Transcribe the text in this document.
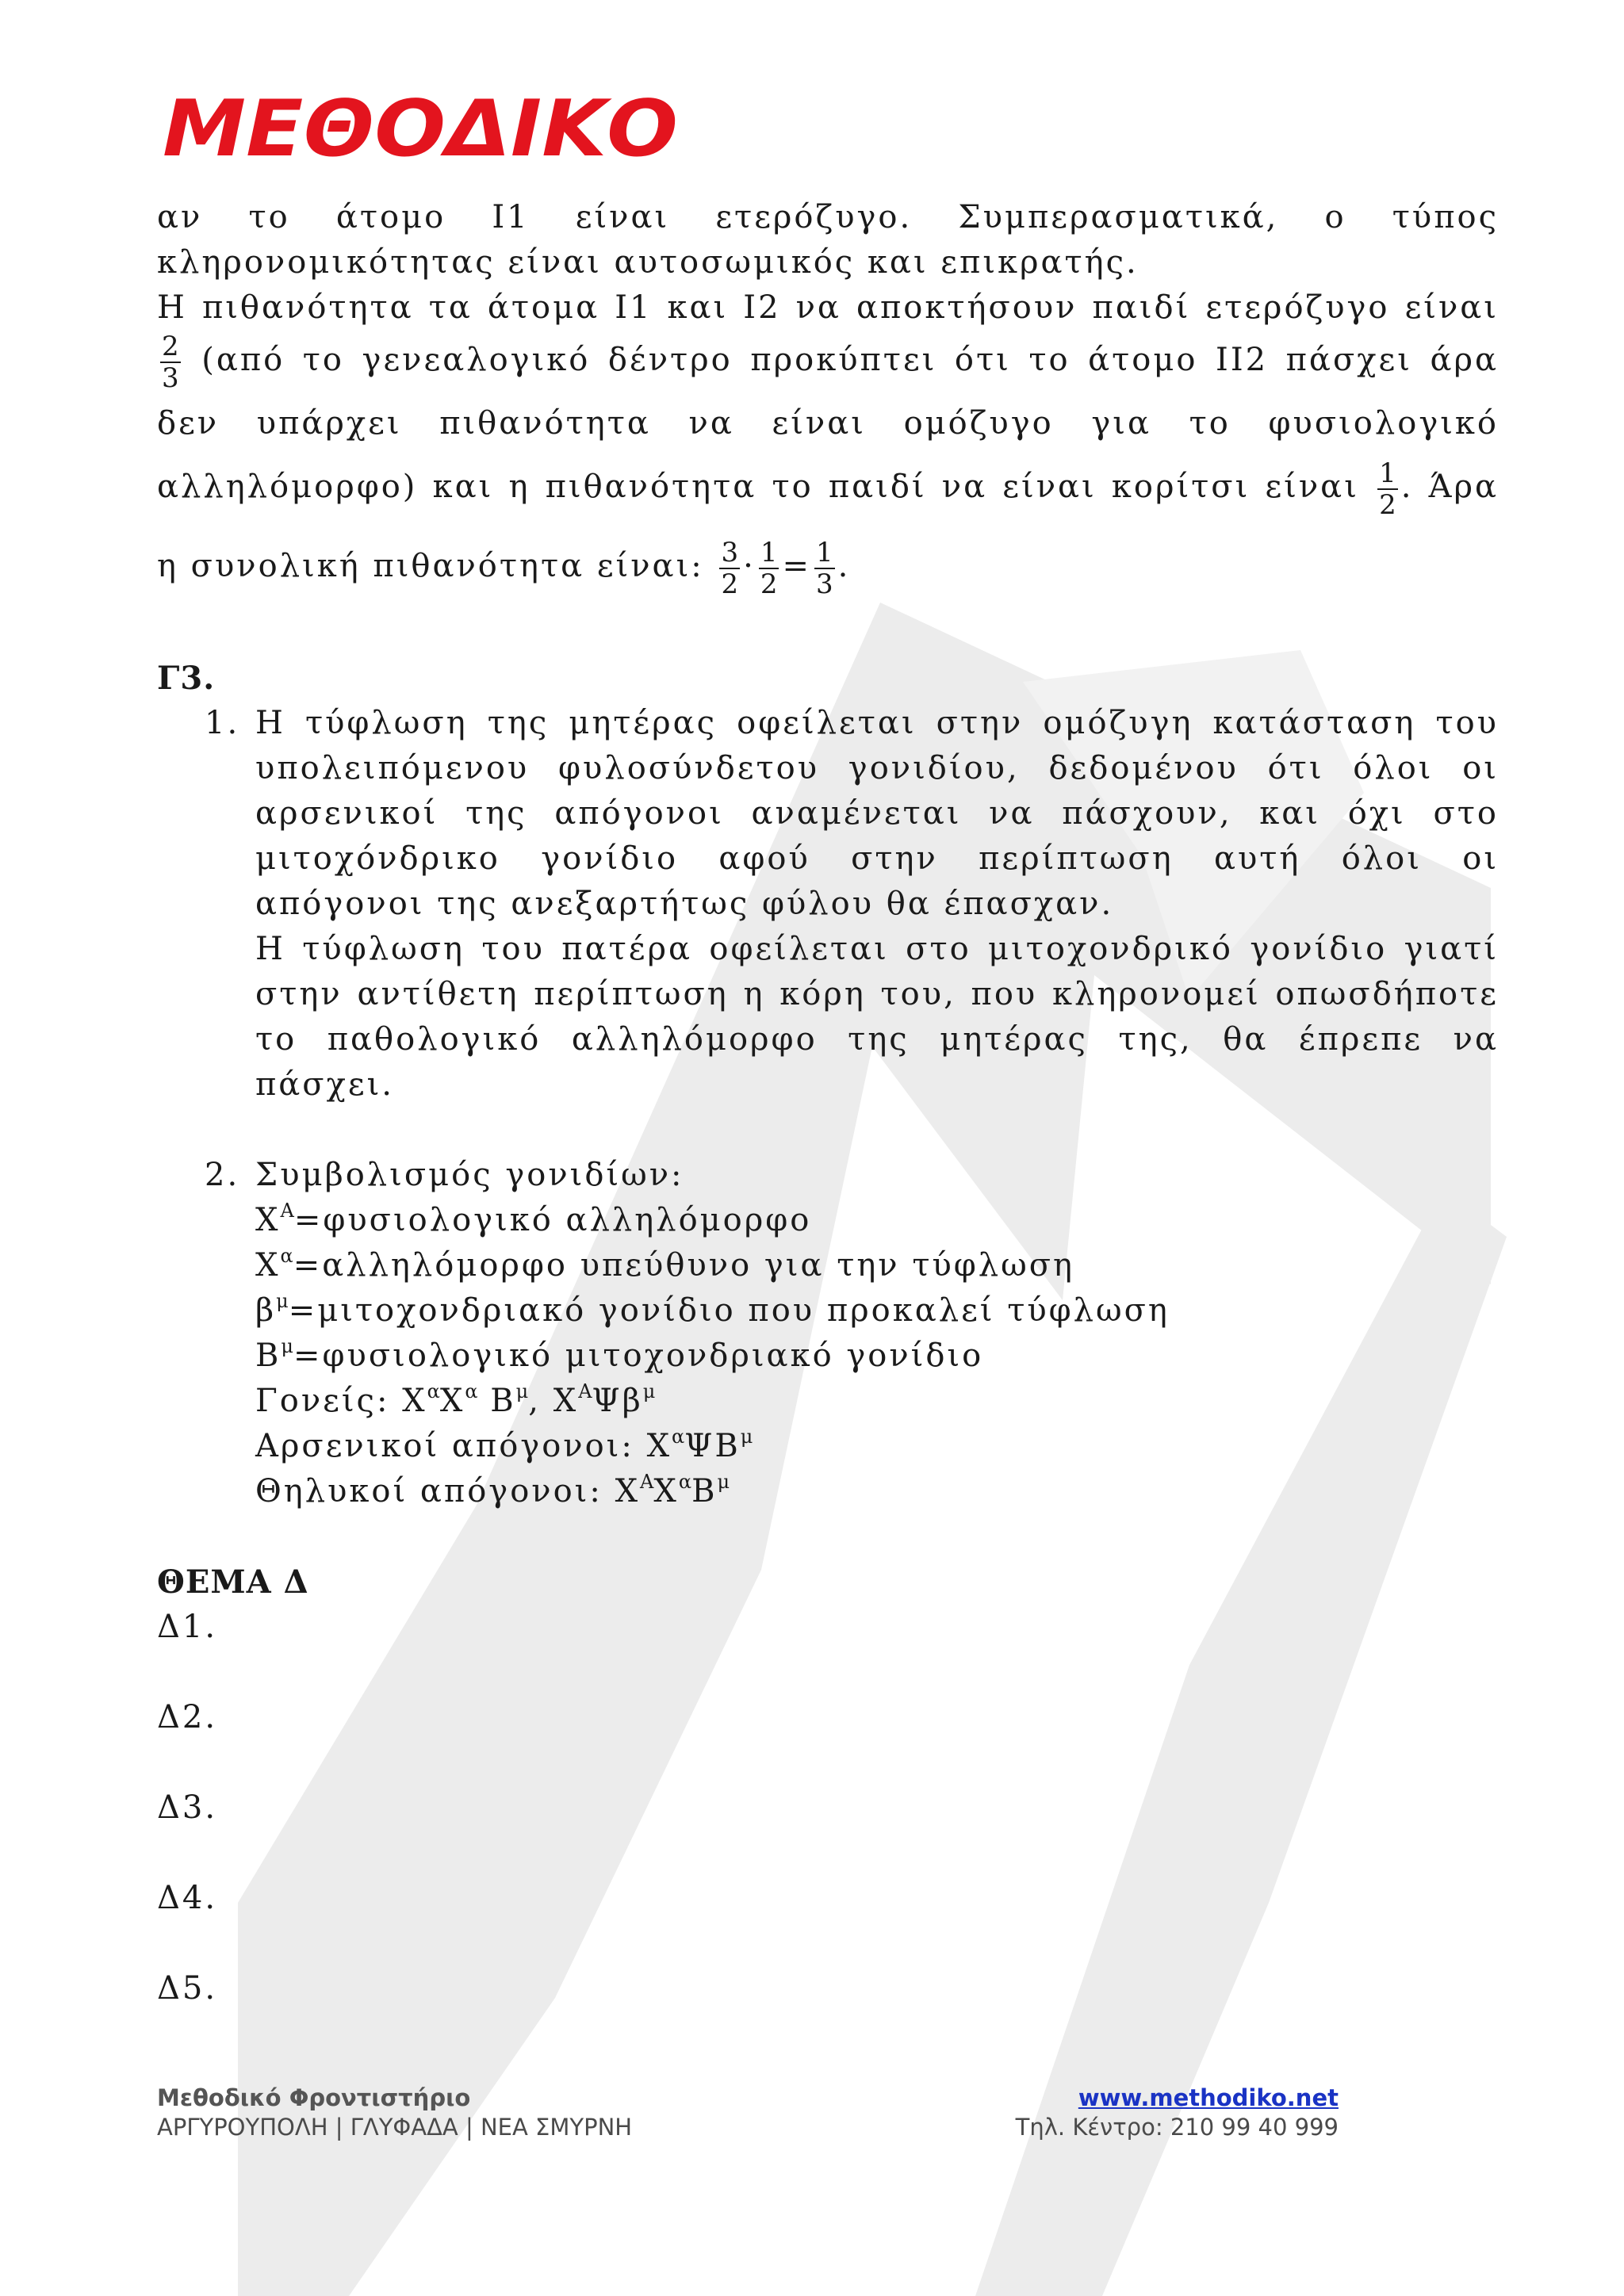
ΜΕΘΟΔΙΚΟ

αν το άτομο Ι1 είναι ετερόζυγο. Συμπερασματικά, ο τύπος

κληρονομικότητας είναι αυτοσωμικός και επικρατής.

Η πιθανότητα τα άτομα Ι1 και Ι2 να αποκτήσουν παιδί ετερόζυγο είναι

$\frac{2}{3} (\alpha\pi ό$ το γενεαλογικό δέντρο προκύπτει ότι το άτομο ΙΙ2 πάσχει άρα

δεν υπάρχει πιθανότητα να είναι ομόζυγο για το φυσιολογικό

αλληλόμορφο) και η πιθανότητα το παιδί να είναι κορίτσι είναι $\frac{1}{2}$ . Άρα

η συνολική πιθανότητα είναι: $\frac{3}{2} \cdot \frac{1}{2} = \frac{1}{3}$ .

Γ3.

1. Η τύφλωση της μητέρας οφείλεται στην ομόζυγη κατάσταση του

υπολειπόμενου φυλοσύνδετου γονιδίου, δεδομένου ότι όλοι οι

αρσενικοί της απόγονοι αναμένεται να πάσχουν, και όχι στο

μιτοχόνδρικο γονίδιο αφού στην περίπτωση αυτή όλοι οι

απόγονοι της ανεξαρτήτως φύλου θα έπασχαν.

Η τύφλωση του πατέρα οφείλεται στο μιτοχονδρικό γονίδιο γιατί

στην αντίθετη περίπτωση η κόρη του, που κληρονομεί οπωσδήποτε

το παθολογικό αλληλόμορφο της μητέρας της, θα έπρεπε να

πάσχει.

2. Συμβολισμός γονιδίων:

$X^A=\varphi\upsilon\sigma\iota o\lambda o\gamma\iota\kappa ό$ αλληλόμορφο

$X^\alpha=\alpha\lambda\lambda\eta\lambda ό\mu o\rho\varphi o$ υπεύθυνο για την τύφλωση

$\beta^\mu=\mu\iota\tau o\chi o\nu\delta\rho\iota\alpha\kappa ό$ γονίδιο που προκαλεί τύφλωση

$B^\mu=\varphi\upsilon\sigma\iota o\lambda o\gamma\iota\kappa ό$ μιτοχονδριακό γονίδιο

Γονείς: $X^\alpha X^\alpha$ $B^\mu$, $X^A\Psi\beta^\mu$

Αρσενικοί απόγονοι: $X^\alpha\Psi B^\mu$

Θηλυκοί απόγονοι: $X^AX^\alpha B^\mu$

ΘΕΜΑ Δ

Δ1.

Δ2.

Δ3.

Δ4.

Δ5.

Μεθοδικό Φροντιστήριο	www.methodiko.net
ΑΡΓΥΡΟΥΠΟΛΗ | ΓΛΥΦΑΔΑ | ΝΕΑ ΣΜΥΡΝΗ	Τηλ. Κέντρο: 210 99 40 999
